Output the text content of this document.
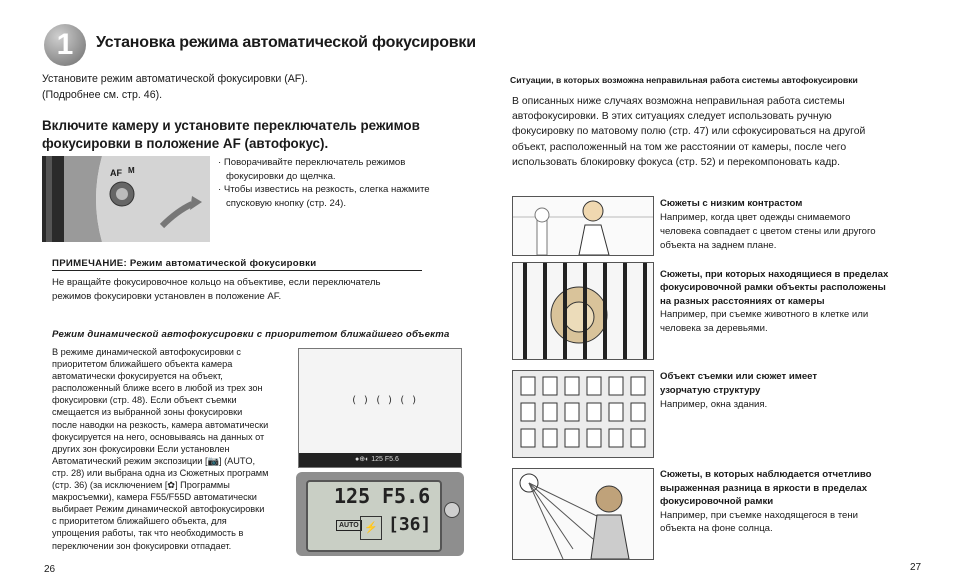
1	Установка режима автоматической фокусировки
Установите режим автоматической фокусировки (AF).
(Подробнее см. стр. 46).
Включите камеру и установите переключатель режимов
фокусировки в положение AF (автофокус).
AF M
· Поворачивайте переключатель режимов
фокусировки до щелчка.
· Чтобы известись на резкость, слегка нажмите
спусковую кнопку (стр. 24).
ПРИМЕЧАНИЕ: Режим автоматической фокусировки
Не вращайте фокусировочное кольцо на объективе, если переключатель
режимов фокусировки установлен в положение AF.
Режим динамической автофокусировки с приоритетом ближайшего объекта
В режиме динамической автофокусировки с
приоритетом ближайшего объекта камера
автоматически фокусируется на объект,
расположенный ближе всего в любой из трех зон
фокусировки (стр. 48). Если объект съемки
смещается из выбранной зоны фокусировки
после наводки на резкость, камера автоматически
фокусируется на него, основываясь на данных от
других зон фокусировки Если установлен
Автоматический режим экспозиции [📷] (AUTO,
стр. 28) или выбрана одна из Сюжетных программ
(стр. 36) (за исключением [✿] Программы
макросъемки), камера F55/F55D автоматически
выбирает Режим динамической автофокусировки
с приоритетом ближайшего объекта, для
упрощения работы, так что необходимость в
переключении зон фокусировки отпадает.
( ) ( ) ( )
●⊕◐ 125 F5.6
125 F5.6
AUTO ⚡ [36]
26
Ситуации, в которых возможна неправильная работа системы автофокусировки
В описанных ниже случаях возможна неправильная работа системы
автофокусировки. В этих ситуациях следует использовать ручную
фокусировку по матовому полю (стр. 47) или сфокусироваться на другой
объект, расположенный на том же расстоянии от камеры, после чего
использовать блокировку фокуса (стр. 52) и перекомпоновать кадр.
Сюжеты с низким контрастом
Например, когда цвет одежды снимаемого
человека совпадает с цветом стены или другого
объекта на заднем плане.
Сюжеты, при которых находящиеся в пределах
фокусировочной рамки объекты расположены
на разных расстояниях от камеры
Например, при съемке животного в клетке или
человека за деревьями.
Объект съемки или сюжет имеет
узорчатую структуру
Например, окна здания.
Сюжеты, в которых наблюдается отчетливо
выраженная разница в яркости в пределах
фокусировочной рамки
Например, при съемке находящегося в тени
объекта на фоне солнца.
27
